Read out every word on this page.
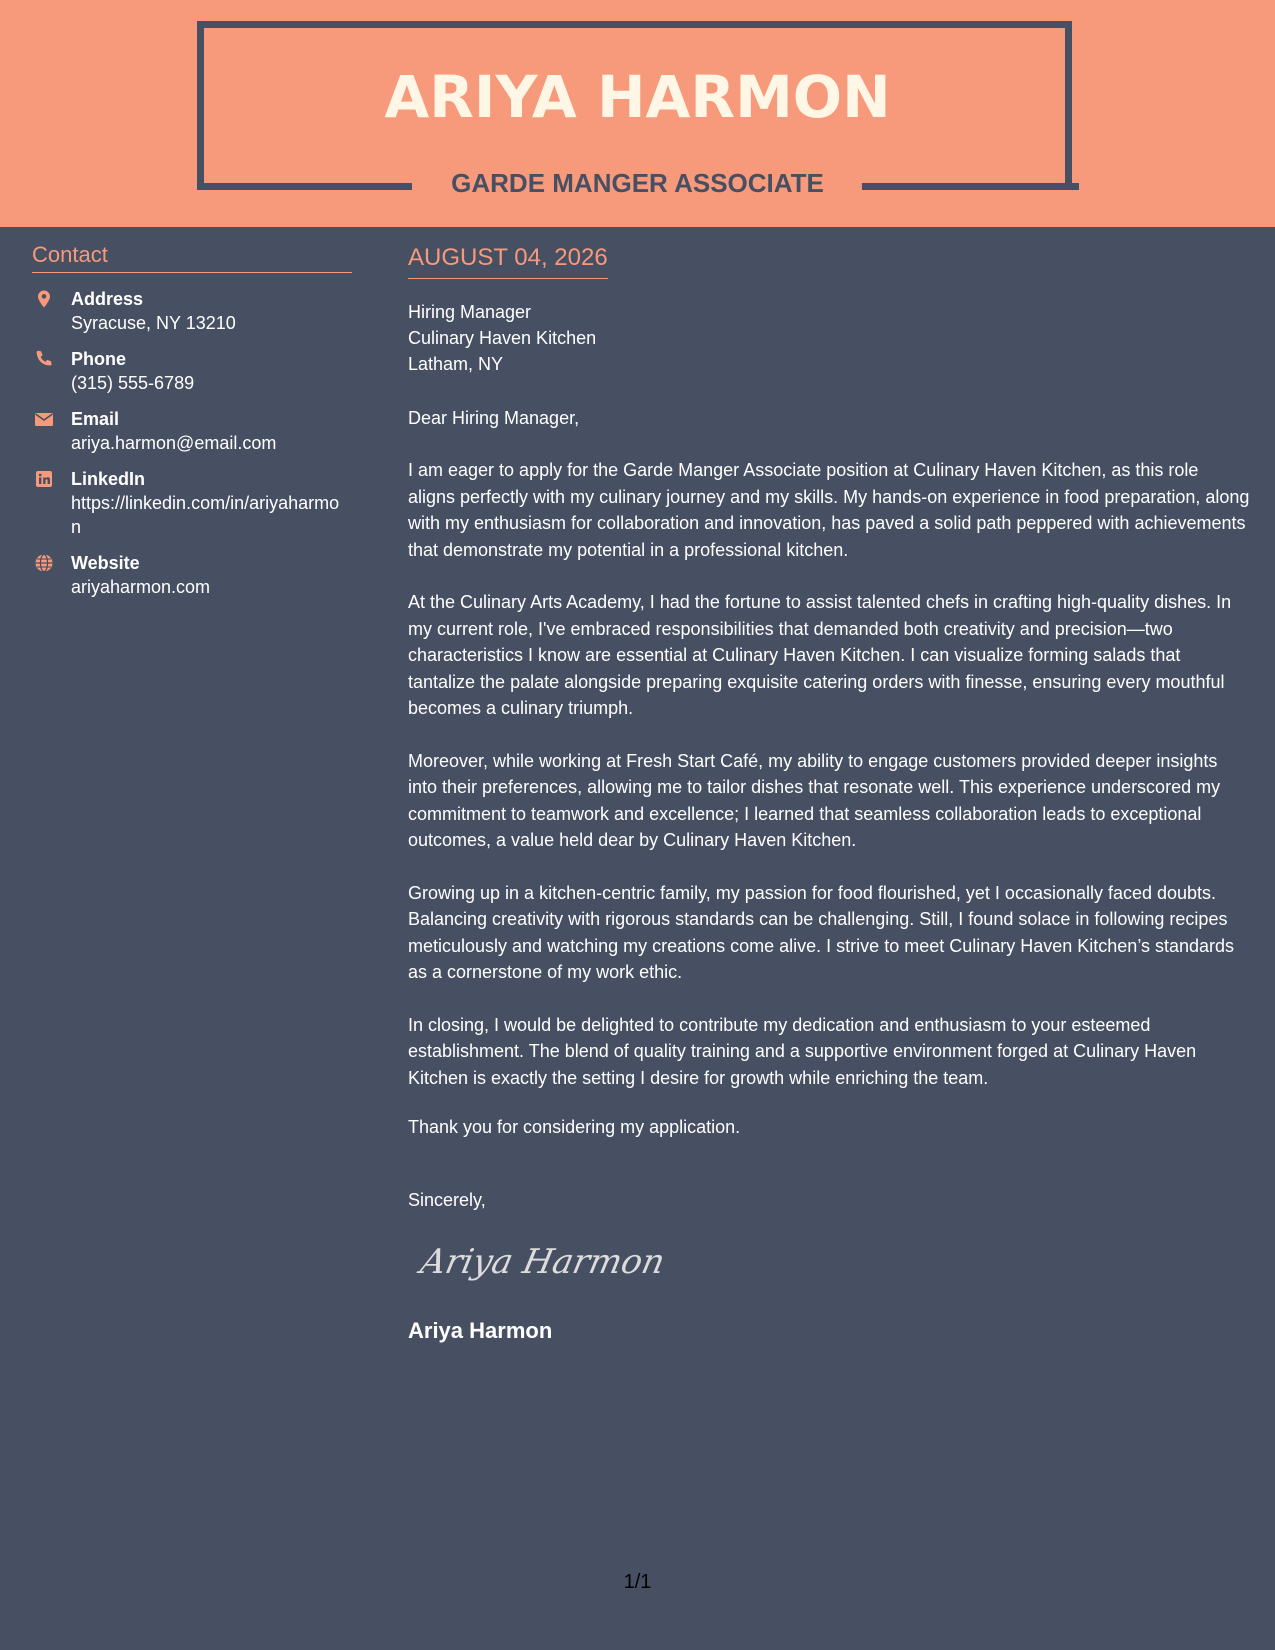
ARIYA HARMON
GARDE MANGER ASSOCIATE
Contact
Address
Syracuse, NY 13210
Phone
(315) 555-6789
Email
ariya.harmon@email.com
LinkedIn
https://linkedin.com/in/ariyaharmon
Website
ariyaharmon.com
AUGUST 04, 2026
Hiring Manager
Culinary Haven Kitchen
Latham, NY
Dear Hiring Manager,
I am eager to apply for the Garde Manger Associate position at Culinary Haven Kitchen, as this role aligns perfectly with my culinary journey and my skills. My hands-on experience in food preparation, along with my enthusiasm for collaboration and innovation, has paved a solid path peppered with achievements that demonstrate my potential in a professional kitchen.
At the Culinary Arts Academy, I had the fortune to assist talented chefs in crafting high-quality dishes. In my current role, I've embraced responsibilities that demanded both creativity and precision—two characteristics I know are essential at Culinary Haven Kitchen. I can visualize forming salads that tantalize the palate alongside preparing exquisite catering orders with finesse, ensuring every mouthful becomes a culinary triumph.
Moreover, while working at Fresh Start Café, my ability to engage customers provided deeper insights into their preferences, allowing me to tailor dishes that resonate well. This experience underscored my commitment to teamwork and excellence; I learned that seamless collaboration leads to exceptional outcomes, a value held dear by Culinary Haven Kitchen.
Growing up in a kitchen-centric family, my passion for food flourished, yet I occasionally faced doubts. Balancing creativity with rigorous standards can be challenging. Still, I found solace in following recipes meticulously and watching my creations come alive. I strive to meet Culinary Haven Kitchen’s standards as a cornerstone of my work ethic.
In closing, I would be delighted to contribute my dedication and enthusiasm to your esteemed establishment. The blend of quality training and a supportive environment forged at Culinary Haven Kitchen is exactly the setting I desire for growth while enriching the team.
Thank you for considering my application.
Sincerely,
Ariya Harmon
Ariya Harmon
1/1
